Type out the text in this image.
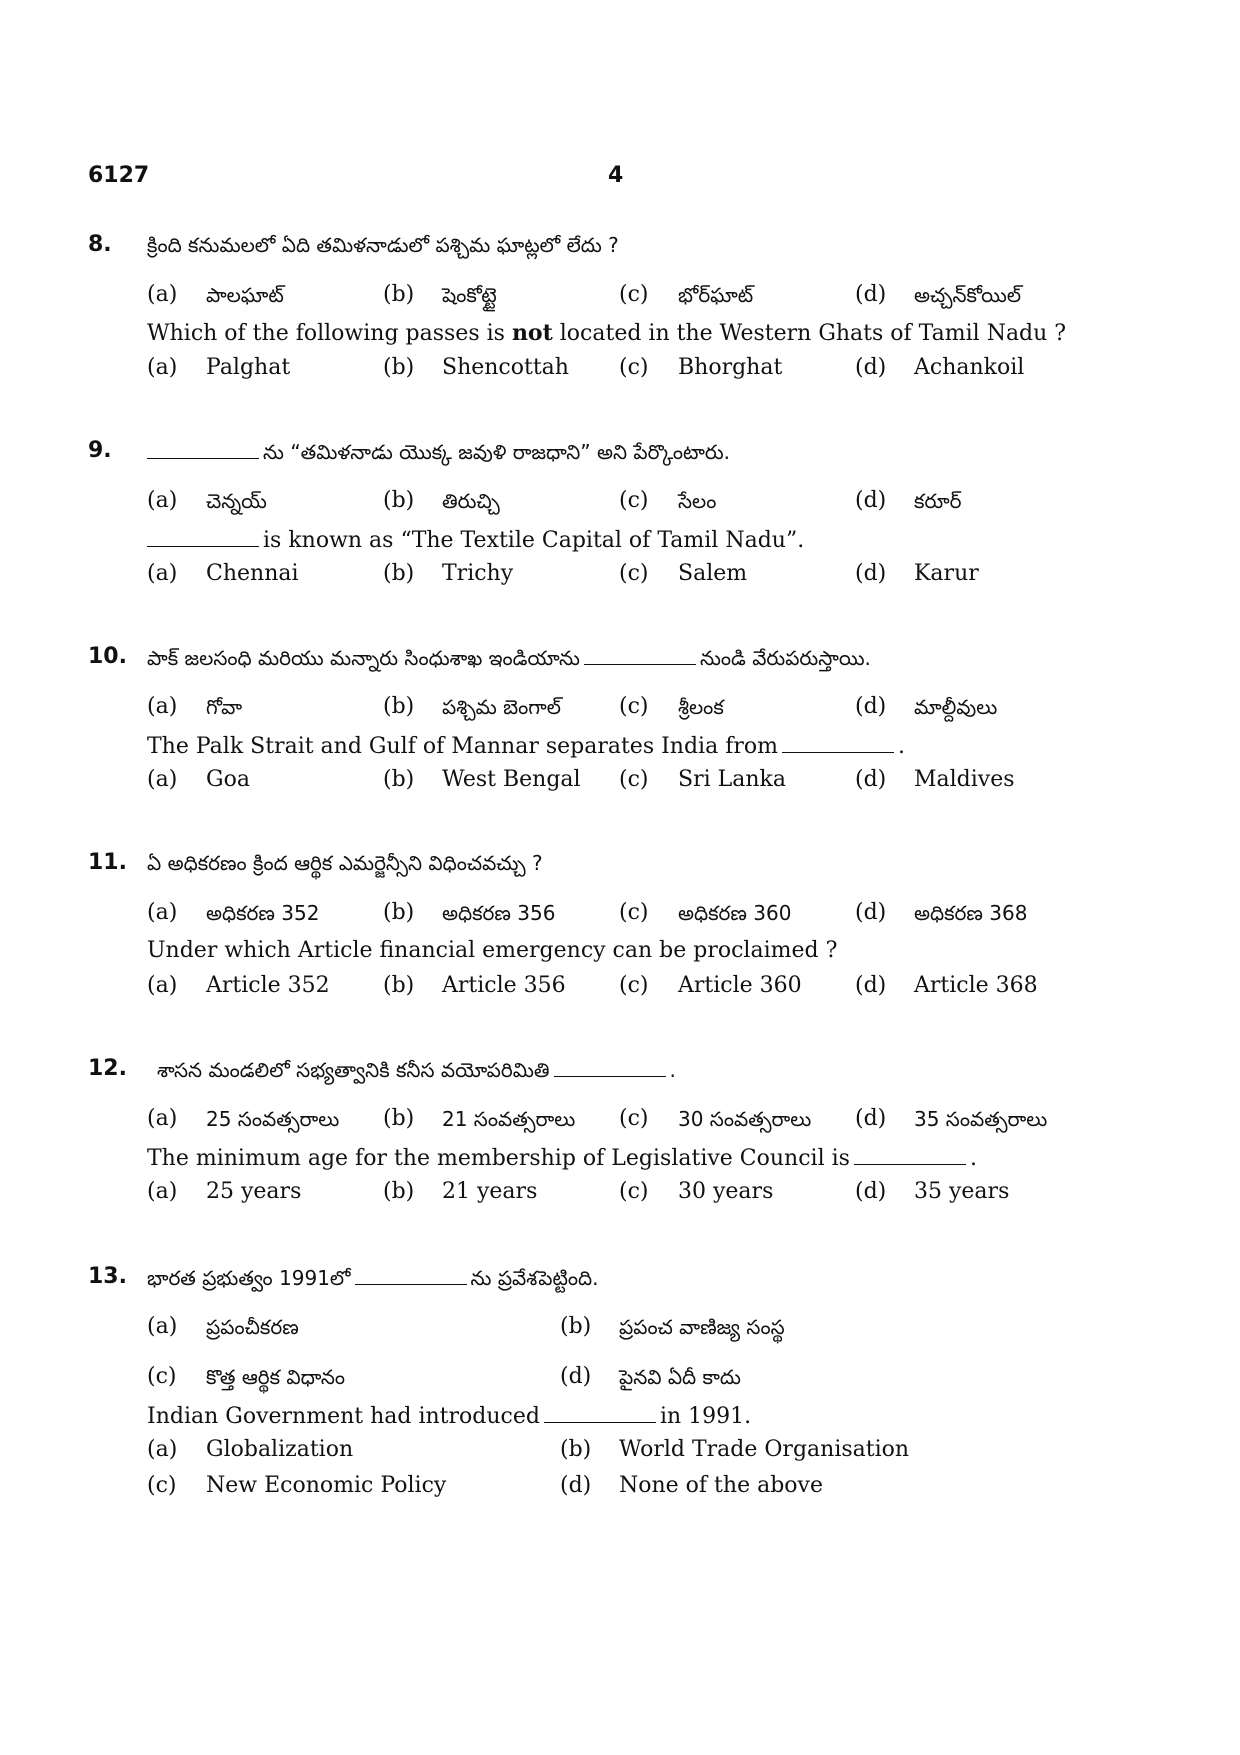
6127	4
8. క్రింది కనుమలలో ఏది తమిళనాడులో పశ్చిమ ఘాట్లలో లేదు ?
(a) పాలఘాట్	(b) షెంకోట్టై	(c) భోర్‌ఘాట్	(d) అచ్చన్‌కోయిల్
Which of the following passes is not located in the Western Ghats of Tamil Nadu ?
(a) Palghat	(b) Shencottah (c) Bhorghat	(d) Achankoil
9.	ను “తమిళనాడు యొక్క జవుళి రాజధాని” అని పేర్కొంటారు.
(a) చెన్నయ్	(b) తిరుచ్చి	(c) సేలం	(d) కరూర్
is known as “The Textile Capital of Tamil Nadu”.
(a) Chennai	(b) Trichy	(c) Salem	(d) Karur
10. పాక్ జలసంధి మరియు మన్నారు సింధుశాఖ ఇండియాను	నుండి వేరుపరుస్తాయి.
(a) గోవా	(b) పశ్చిమ బెంగాల్	(c) శ్రీలంక	(d) మాల్దీవులు
The Palk Strait and Gulf of Mannar separates India from	.
(a) Goa	(b) West Bengal (c) Sri Lanka	(d) Maldives
11. ఏ అధికరణం క్రింద ఆర్థిక ఎమర్జెన్సీని విధించవచ్చు ?
(a) అధికరణ 352	(b) అధికరణ 356	(c) అధికరణ 360	(d) అధికరణ 368
Under which Article financial emergency can be proclaimed ?
(a) Article 352 (b) Article 356 (c) Article 360 (d) Article 368
12. శాసన మండలిలో సభ్యత్వానికి కనీస వయోపరిమితి	.
(a) 25 సంవత్సరాలు (b) 21 సంవత్సరాలు (c) 30 సంవత్సరాలు (d) 35 సంవత్సరాలు
The minimum age for the membership of Legislative Council is	.
(a) 25 years	(b) 21 years	(c) 30 years	(d) 35 years
13. భారత ప్రభుత్వం 1991లో	ను ప్రవేశపెట్టింది.
(a) ప్రపంచీకరణ	(b) ప్రపంచ వాణిజ్య సంస్థ
(c) కొత్త ఆర్థిక విధానం	(d) పైనవి ఏదీ కాదు
Indian Government had introduced	in 1991.
(a) Globalization	(b) World Trade Organisation
(c) New Economic Policy	(d) None of the above
